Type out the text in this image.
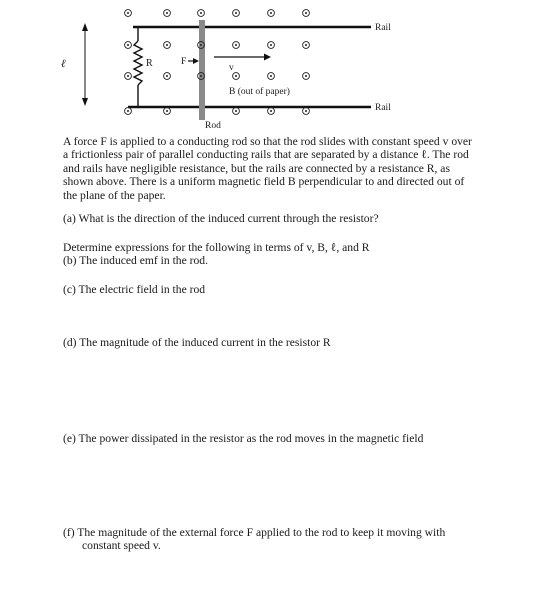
R
ℓ
Rod
F
v
B (out of paper)
Rail
Rail
A force F is applied to a conducting rod so that the rod slides with constant speed v over
a frictionless pair of parallel conducting rails that are separated by a distance ℓ. The rod
and rails have negligible resistance, but the rails are connected by a resistance R, as
shown above. There is a uniform magnetic field B perpendicular to and directed out of
the plane of the paper.
(a) What is the direction of the induced current through the resistor?
Determine expressions for the following in terms of v, B, ℓ, and R
(b) The induced emf in the rod.
(c) The electric field in the rod
(d) The magnitude of the induced current in the resistor R
(e) The power dissipated in the resistor as the rod moves in the magnetic field
(f) The magnitude of the external force F applied to the rod to keep it moving with
constant speed v.
